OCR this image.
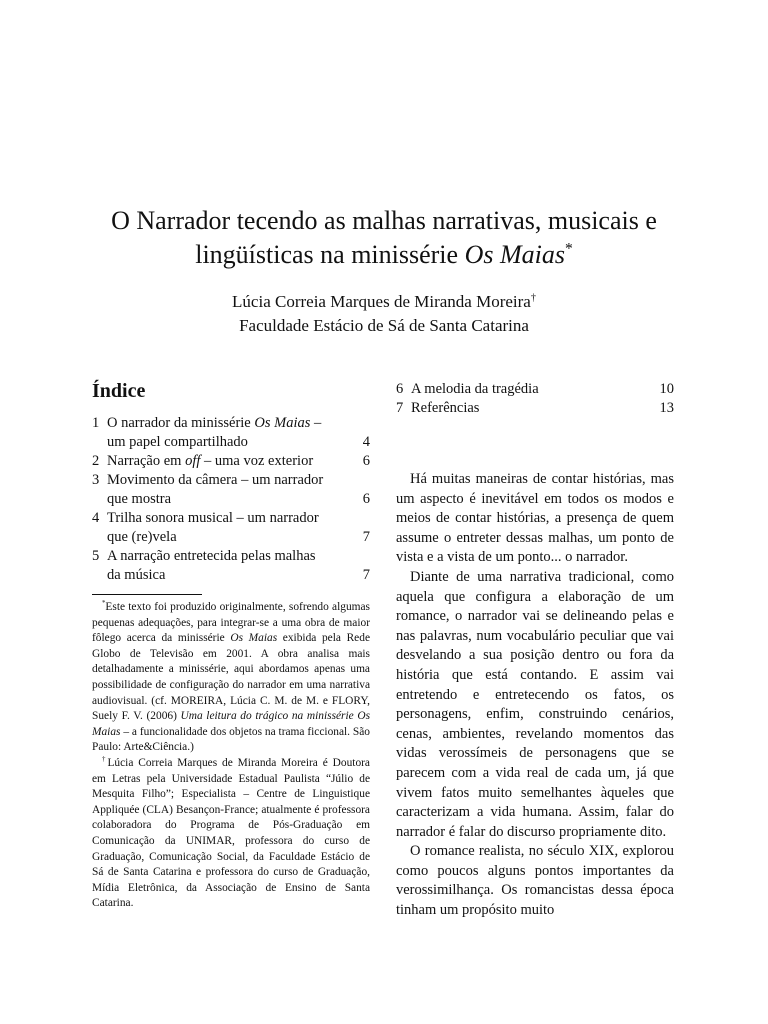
O Narrador tecendo as malhas narrativas, musicais e
lingüísticas na minissérie Os Maias*
Lúcia Correia Marques de Miranda Moreira†
Faculdade Estácio de Sá de Santa Catarina
Índice
1 O narrador da minissérie Os Maias –
um papel compartilhado	4
2 Narração em off – uma voz exterior	6
3 Movimento da câmera – um narrador
que mostra	6
4 Trilha sonora musical – um narrador
que (re)vela	7
5 A narração entretecida pelas malhas
da música	7

*Este texto foi produzido originalmente, sofrendo algumas pequenas adequações, para integrar-se a uma obra de maior fôlego acerca da minissérie Os Maias exibida pela Rede Globo de Televisão em 2001. A obra analisa mais detalhadamente a minissérie, aqui abordamos apenas uma possibilidade de configuração do narrador em uma narrativa audiovisual. (cf. MOREIRA, Lúcia C. M. de M. e FLORY, Suely F. V. (2006) Uma leitura do trágico na minissérie Os Maias – a funcionalidade dos objetos na trama ficcional. São Paulo: Arte&Ciência.)

†Lúcia Correia Marques de Miranda Moreira é Doutora em Letras pela Universidade Estadual Paulista “Júlio de Mesquita Filho”; Especialista – Centre de Linguistique Appliquée (CLA) Besançon-France; atualmente é professora colaboradora do Programa de Pós-Graduação em Comunicação da UNIMAR, professora do curso de Graduação, Comunicação Social, da Faculdade Estácio de Sá de Santa Catarina e professora do curso de Graduação, Mídia Eletrônica, da Associação de Ensino de Santa Catarina.

6 A melodia da tragédia	10
7 Referências	13

Há muitas maneiras de contar histórias, mas um aspecto é inevitável em todos os modos e meios de contar histórias, a presença de quem assume o entreter dessas malhas, um ponto de vista e a vista de um ponto... o narrador.

Diante de uma narrativa tradicional, como aquela que configura a elaboração de um romance, o narrador vai se delineando pelas e nas palavras, num vocabulário peculiar que vai desvelando a sua posição dentro ou fora da história que está contando. E assim vai entretendo e entretecendo os fatos, os personagens, enfim, construindo cenários, cenas, ambientes, revelando momentos das vidas verossímeis de personagens que se parecem com a vida real de cada um, já que vivem fatos muito semelhantes àqueles que caracterizam a vida humana. Assim, falar do narrador é falar do discurso propriamente dito.

O romance realista, no século XIX, explorou como poucos alguns pontos importantes da verossimilhança. Os romancistas dessa época tinham um propósito muito
